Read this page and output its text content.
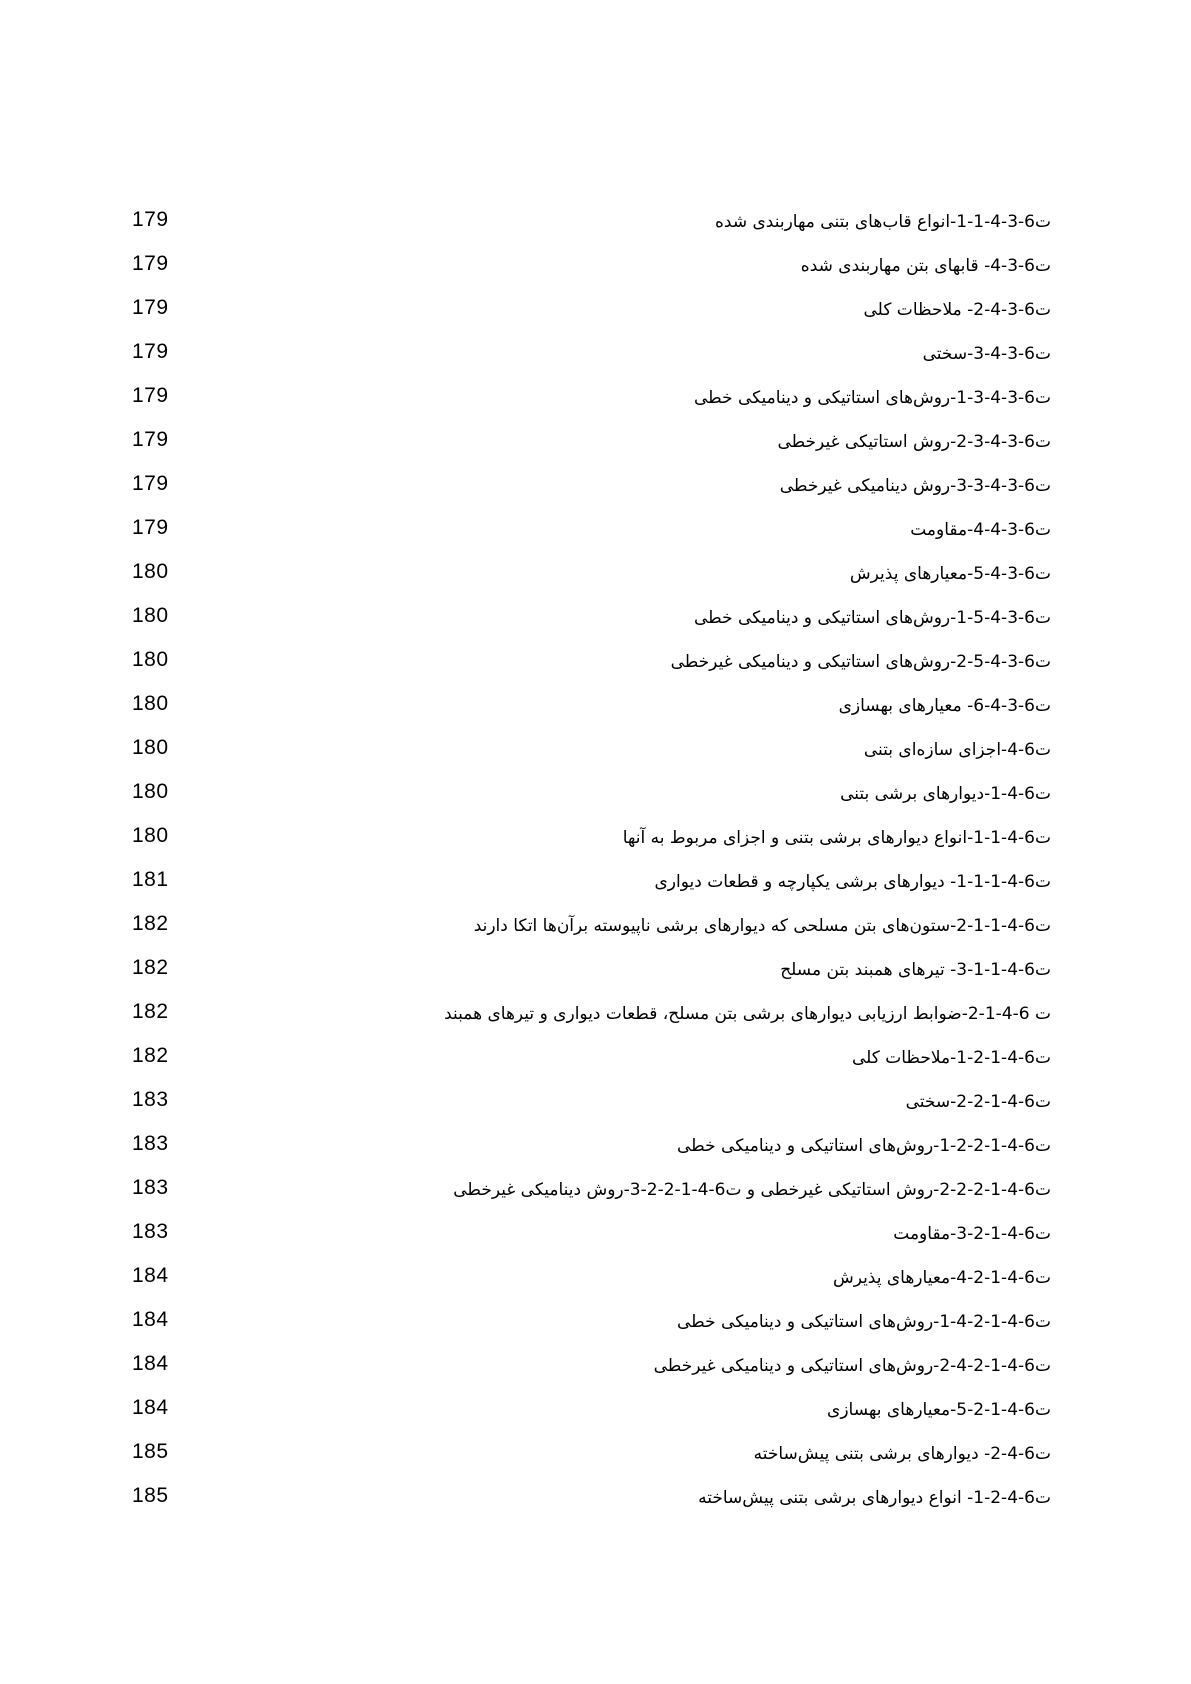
ت6-3-4-1-1-انواع قاب‌های بتنی مهاربندی شده
179
ت6-3-4- قابهای بتن مهاربندی شده
179
ت6-3-4-2- ملاحظات کلی
179
ت6-3-4-3-سختی
179
ت6-3-4-3-1-روش‌های استاتیکی و دینامیکی خطی
179
ت6-3-4-3-2-روش استاتیکی غیرخطی
179
ت6-3-4-3-3-روش دینامیکی غیرخطی
179
ت6-3-4-4-مقاومت
179
ت6-3-4-5-معیارهای پذیرش
180
ت6-3-4-5-1-روش‌های استاتیکی و دینامیکی خطی
180
ت6-3-4-5-2-روش‌های استاتیکی و دینامیکی غیرخطی
180
ت6-3-4-6- معیارهای بهسازی
180
ت6-4-اجزای سازه‌ای بتنی
180
ت6-4-1-دیوارهای برشی بتنی
180
ت6-4-1-1-انواع دیوارهای برشی بتنی و اجزای مربوط به آنها
180
ت6-4-1-1-1- دیوارهای برشی یکپارچه و قطعات دیواری
181
ت6-4-1-1-2-ستون‌های بتن مسلحی که دیوارهای برشی ناپیوسته برآن‌ها اتکا دارند
182
ت6-4-1-1-3- تیرهای همبند بتن مسلح
182
ت 6-4-1-2-ضوابط ارزیابی دیوارهای برشی بتن مسلح، قطعات دیواری و تیرهای همبند
182
ت6-4-1-2-1-ملاحظات کلی
182
ت6-4-1-2-2-سختی
183
ت6-4-1-2-2-1-روش‌های استاتیکی و دینامیکی خطی
183
ت6-4-1-2-2-2-روش استاتیکی غیرخطی و ت6-4-1-2-2-3-روش دینامیکی غیرخطی
183
ت6-4-1-2-3-مقاومت
183
ت6-4-1-2-4-معیارهای پذیرش
184
ت6-4-1-2-4-1-روش‌های استاتیکی و دینامیکی خطی
184
ت6-4-1-2-4-2-روش‌های استاتیکی و دینامیکی غیرخطی
184
ت6-4-1-2-5-معیارهای بهسازی
184
ت6-4-2- دیوارهای برشی بتنی پیش‌ساخته
185
ت6-4-2-1- انواع دیوارهای برشی بتنی پیش‌ساخته
185
